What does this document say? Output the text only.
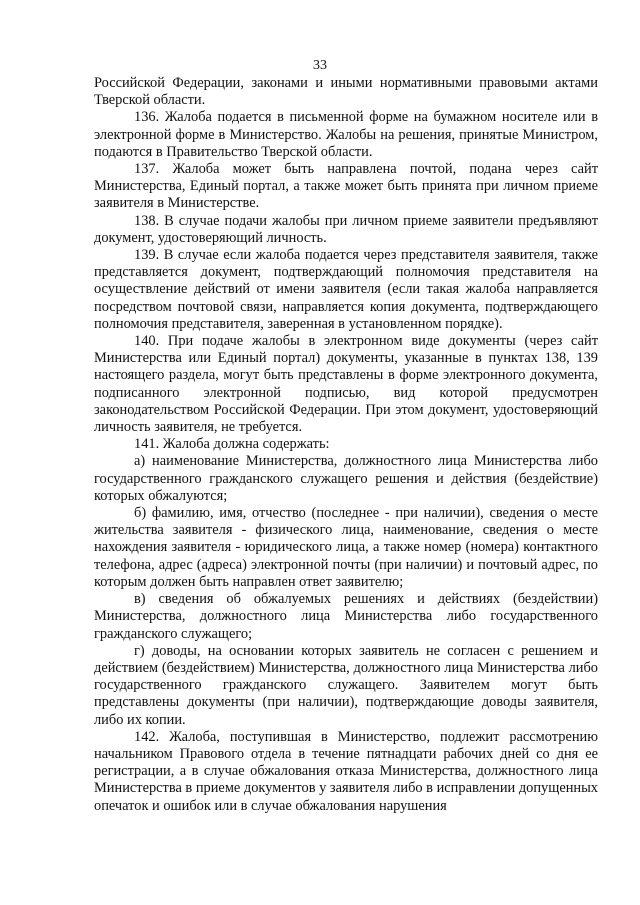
33

Российской Федерации, законами и иными нормативными правовыми актами Тверской области.

136. Жалоба подается в письменной форме на бумажном носителе или в электронной форме в Министерство. Жалобы на решения, принятые Министром, подаются в Правительство Тверской области.

137. Жалоба может быть направлена почтой, подана через сайт Министерства, Единый портал, а также может быть принята при личном приеме заявителя в Министерстве.

138. В случае подачи жалобы при личном приеме заявители предъявляют документ, удостоверяющий личность.

139. В случае если жалоба подается через представителя заявителя, также представляется документ, подтверждающий полномочия представителя на осуществление действий от имени заявителя (если такая жалоба направляется посредством почтовой связи, направляется копия документа, подтверждающего полномочия представителя, заверенная в установленном порядке).

140. При подаче жалобы в электронном виде документы (через сайт Министерства или Единый портал) документы, указанные в пунктах 138, 139 настоящего раздела, могут быть представлены в форме электронного документа, подписанного электронной подписью, вид которой предусмотрен законодательством Российской Федерации. При этом документ, удостоверяющий личность заявителя, не требуется.

141. Жалоба должна содержать:

а) наименование Министерства, должностного лица Министерства либо государственного гражданского служащего решения и действия (бездействие) которых обжалуются;

б) фамилию, имя, отчество (последнее - при наличии), сведения о месте жительства заявителя - физического лица, наименование, сведения о месте нахождения заявителя - юридического лица, а также номер (номера) контактного телефона, адрес (адреса) электронной почты (при наличии) и почтовый адрес, по которым должен быть направлен ответ заявителю;

в) сведения об обжалуемых решениях и действиях (бездействии) Министерства, должностного лица Министерства либо государственного гражданского служащего;

г) доводы, на основании которых заявитель не согласен с решением и действием (бездействием) Министерства, должностного лица Министерства либо государственного гражданского служащего. Заявителем могут быть представлены документы (при наличии), подтверждающие доводы заявителя, либо их копии.

142. Жалоба, поступившая в Министерство, подлежит рассмотрению начальником Правового отдела в течение пятнадцати рабочих дней со дня ее регистрации, а в случае обжалования отказа Министерства, должностного лица Министерства в приеме документов у заявителя либо в исправлении допущенных опечаток и ошибок или в случае обжалования нарушения
